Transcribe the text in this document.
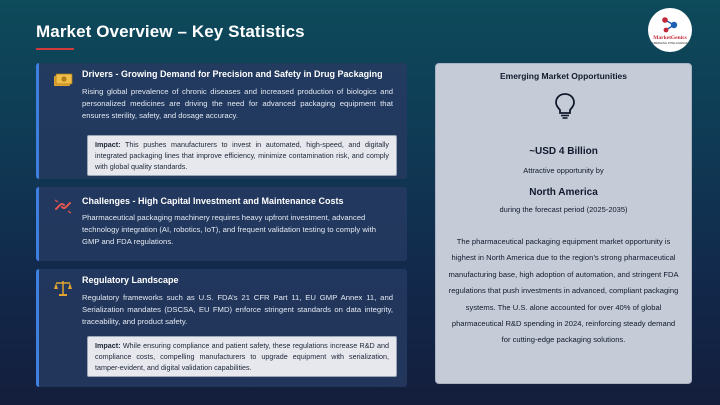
Market Overview – Key Statistics	MarketGenics
EMERGING INTELLIGENCE
Drivers - Growing Demand for Precision and Safety in Drug Packaging
Rising global prevalence of chronic diseases and increased production of biologics and personalized medicines are driving the need for advanced packaging equipment that ensures sterility, safety, and dosage accuracy.
Impact: This pushes manufacturers to invest in automated, high-speed, and digitally integrated packaging lines that improve efficiency, minimize contamination risk, and comply with global quality standards.
Challenges - High Capital Investment and Maintenance Costs
Pharmaceutical packaging machinery requires heavy upfront investment, advanced technology integration (AI, robotics, IoT), and frequent validation testing to comply with GMP and FDA regulations.
Regulatory Landscape
Regulatory frameworks such as U.S. FDA’s 21 CFR Part 11, EU GMP Annex 11, and Serialization mandates (DSCSA, EU FMD) enforce stringent standards on data integrity, traceability, and product safety.
Impact: While ensuring compliance and patient safety, these regulations increase R&D and compliance costs, compelling manufacturers to upgrade equipment with serialization, tamper-evident, and digital validation capabilities.
Emerging Market Opportunities
~USD 4 Billion
Attractive opportunity by
North America
during the forecast period (2025-2035)
The pharmaceutical packaging equipment market opportunity is highest in North America due to the region’s strong pharmaceutical manufacturing base, high adoption of automation, and stringent FDA regulations that push investments in advanced, compliant packaging systems. The U.S. alone accounted for over 40% of global pharmaceutical R&D spending in 2024, reinforcing steady demand for cutting-edge packaging solutions.
